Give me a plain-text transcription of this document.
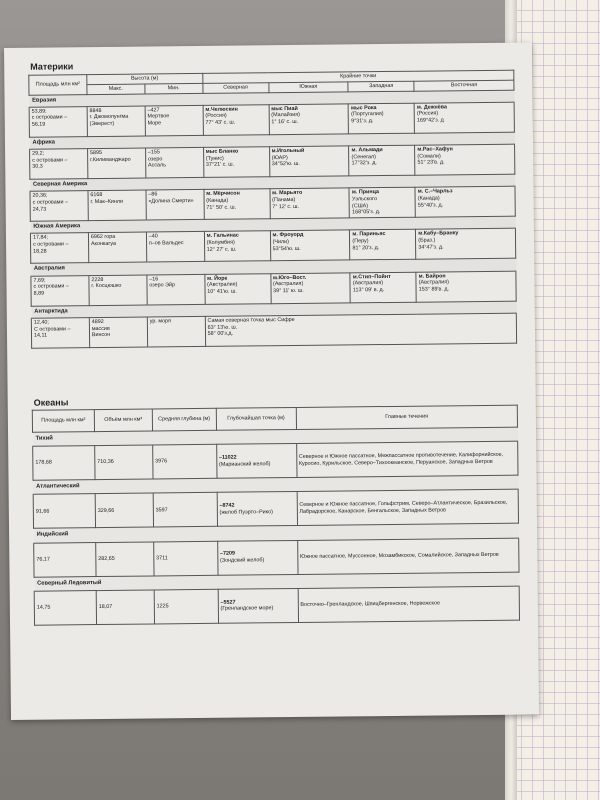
Материки
Площадь млн км²	Высота (м)		Крайние точки			
	Макс.	Мин.	Северная	Южная	Западная	Восточная
Евразия						

53,89;
с островами –
56,19	8848
г. Джомолунгма
(Эверест)	–427
Мертвое
Море	м.Челюскин
(Россия)
77° 43' с. ш.	мыс Пиай
(Малайзия)
1° 16' с. ш.	мыс Рока
(Португалия)
9°31'з. д.	м. Дежнёва
(Россия)
169°42'з. д

Африка						

29,2;
с островами –
30,3	5895
г.Килиманджаро	–155
озеро
Ассаль	мыс Бланко
(Тунис)
37°21' с. ш.	м.Игольный
(ЮАР)
34°52'ю. ш.	м. Альмади
(Сенегал)
17°32'з. д.	м.Рас–Хафун
(Сомали)
51° 23'в. д.

Северная Америка						

20,36;
с островами –
24,73	6168
г. Мак–Кинли	–86
«Долина Смерти»	м. Мёрчисон
(Канада)
71° 50' с. ш.	м. Марьято
(Панама)
7° 12' с. ш.	м. Принца
Уэльского
(США)
168°05'з. д.	м. С.–Чарльз
(Канада)
55°40'з. д.

Южная Америка						

17,84;
с островами –
18,28	6962 гора
Аконкагуа	–40
п–ов Вальдес	м. Гальинас
(Колумбия)
12° 27' с. ш.	м. Фроуорд
(Чили)
53°54'ю. ш.	м. Париньяс
(Перу)
81° 20'з. д.	м.Кабу–Бранку
(Браз.)
34°47'з. д.

Австралия						

7,69;
с островами –
8,89	2228
г. Косцюшко	–16
озеро Эйр	м. Йорк
(Австралия)
10° 41'ю. ш.	м.Юго–Вост.
(Австралия)
39° 11' ю. ш.	м.Стип–Пойнт
(Австралия)
113° 09' в. д.	м. Байрон
(Австралия)
153° 89'в. д.

Антарктида						

12,40;
С островами –
14,11	4892
массив
Винсон	ур. моря	Самая северная точка мыс Сифре
63° 13'ю. ш.
58° 00'з.д.			
Океаны
Площадь млн км²	Объём млн км³	Средняя глубина (м)	Глубочайшая точка (м)	Главные течения
Тихий				
178,68	710,36	3976	–11022
(Марианский желоб)	Северное и Южное пассатное, Межпассатное противотечение, Калифорнийское, Куросио, Курильское, Северо–Тихоокеанское, Перуанское, Западных Ветров
Атлантический				
91,66	329,66	3597	–8742
(желоб Пуэрто–Рико)	Северное и Южное пассатное, Гольфстрим, Северо–Атлантическое, Бразильское, Лабрадорское, Канарское, Бенгальское, Западных Ветров
Индийский				
76,17	282,65	3711	–7209
(Зондский желоб)	Южное пассатное, Муссонное, Мозамбикское, Сомалийское, Западных Ветров
Северный Ледовитый				
14,75	18,07	1225	–5527
(Гренландское море)	Восточно–Гренландское, Шпицбергенское, Норвежское
